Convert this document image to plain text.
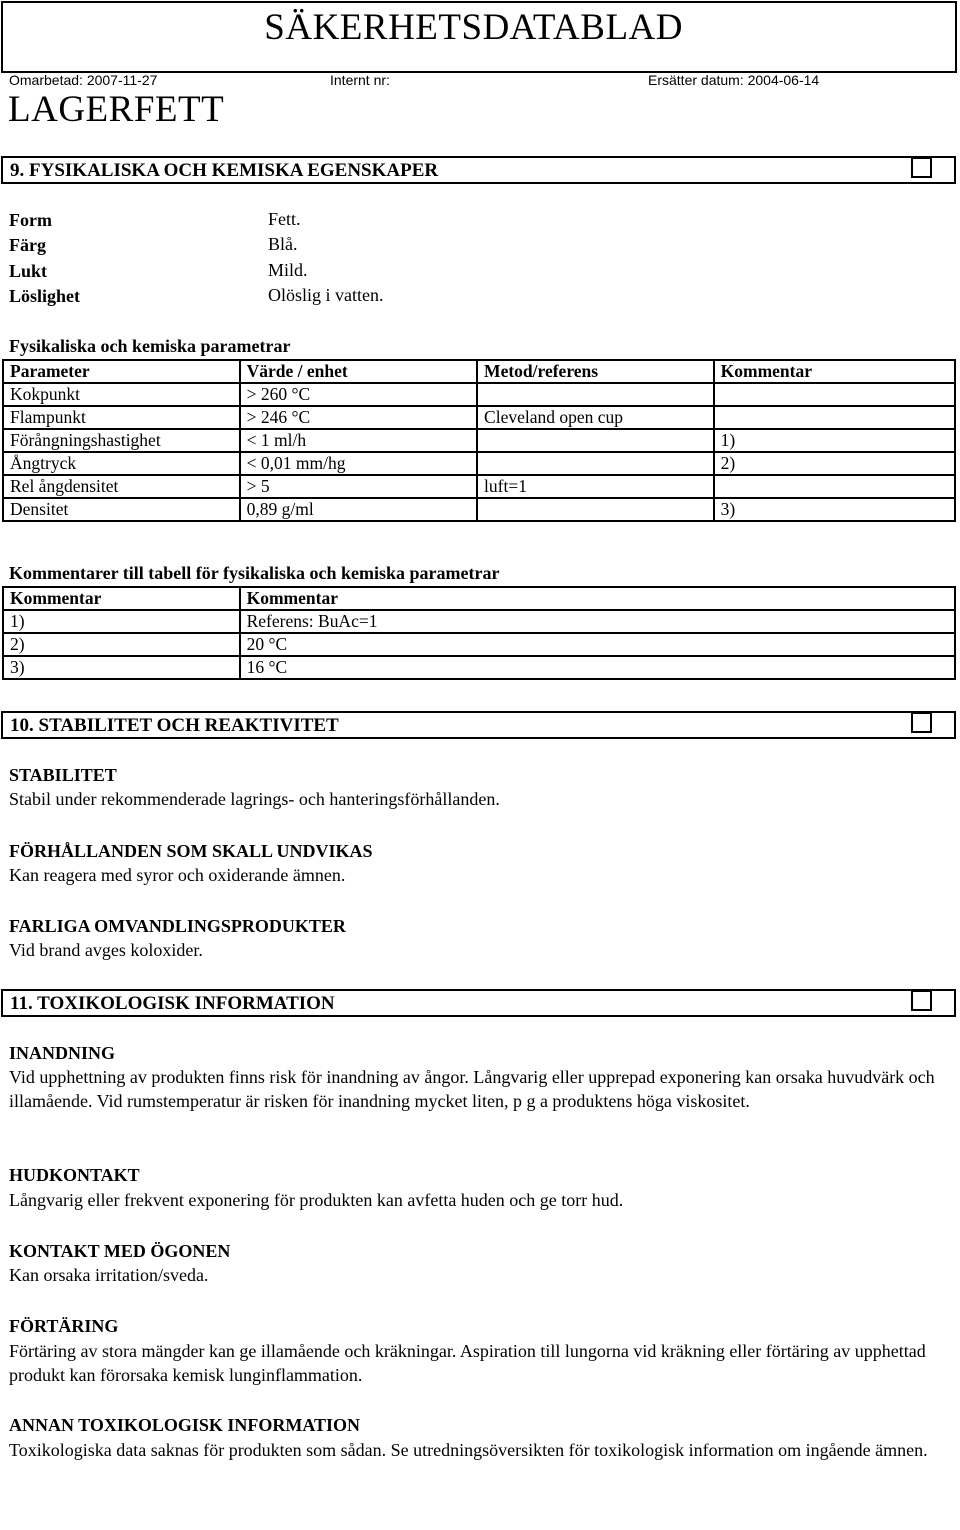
SÄKERHETSDATABLAD
Omarbetad: 2007-11-27	Internt nr:	Ersätter datum: 2004-06-14
LAGERFETT
9. FYSIKALISKA OCH KEMISKA EGENSKAPER
Form	Fett.
Färg	Blå.
Lukt	Mild.
Löslighet	Olöslig i vatten.
Fysikaliska och kemiska parametrar
Parameter	Värde / enhet	Metod/referens	Kommentar
Kokpunkt	> 260 °C		
Flampunkt	> 246 °C	Cleveland open cup	
Förångningshastighet	< 1 ml/h		1)
Ångtryck	< 0,01 mm/hg		2)
Rel ångdensitet	> 5	luft=1	
Densitet	0,89 g/ml		3)
Kommentarer till tabell för fysikaliska och kemiska parametrar
Kommentar	Kommentar
1)	Referens: BuAc=1
2)	20 °C
3)	16 °C
10. STABILITET OCH REAKTIVITET
STABILITET
Stabil under rekommenderade lagrings- och hanteringsförhållanden.
FÖRHÅLLANDEN SOM SKALL UNDVIKAS
Kan reagera med syror och oxiderande ämnen.
FARLIGA OMVANDLINGSPRODUKTER
Vid brand avges koloxider.
11. TOXIKOLOGISK INFORMATION
INANDNING
Vid upphettning av produkten finns risk för inandning av ångor. Långvarig eller upprepad exponering kan orsaka huvudvärk och illamående. Vid rumstemperatur är risken för inandning mycket liten, p g a produktens höga viskositet.
HUDKONTAKT
Långvarig eller frekvent exponering för produkten kan avfetta huden och ge torr hud.
KONTAKT MED ÖGONEN
Kan orsaka irritation/sveda.
FÖRTÄRING
Förtäring av stora mängder kan ge illamående och kräkningar. Aspiration till lungorna vid kräkning eller förtäring av upphettad produkt kan förorsaka kemisk lunginflammation.
ANNAN TOXIKOLOGISK INFORMATION
Toxikologiska data saknas för produkten som sådan. Se utredningsöversikten för toxikologisk information om ingående ämnen.
